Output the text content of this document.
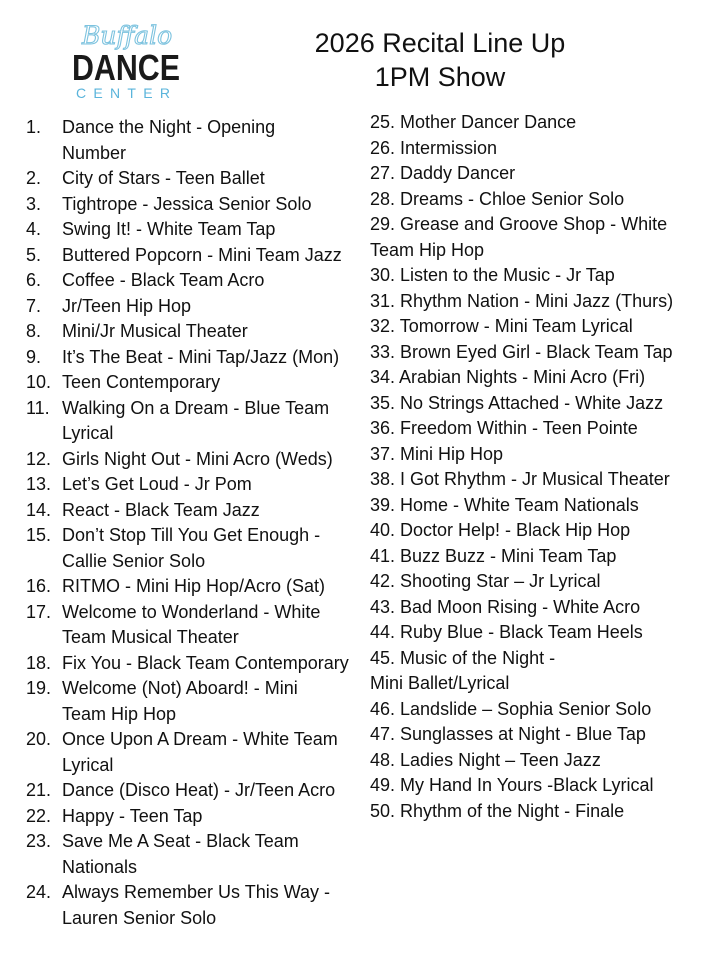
Buffalo
DANCE
CENTER
2026 Recital Line Up
1PM Show
1.	Dance the Night - Opening
Number
2.	City of Stars - Teen Ballet
3.	Tightrope - Jessica Senior Solo
4.	Swing It! - White Team Tap
5.	Buttered Popcorn - Mini Team Jazz
6.	Coffee - Black Team Acro
7.	Jr/Teen Hip Hop
8.	Mini/Jr Musical Theater
9.	It’s The Beat - Mini Tap/Jazz (Mon)
10. Teen Contemporary
11. Walking On a Dream - Blue Team
Lyrical
12. Girls Night Out - Mini Acro (Weds)
13. Let’s Get Loud - Jr Pom
14. React - Black Team Jazz
15. Don’t Stop Till You Get Enough -
Callie Senior Solo
16. RITMO - Mini Hip Hop/Acro (Sat)
17. Welcome to Wonderland - White
Team Musical Theater
18. Fix You - Black Team Contemporary
19. Welcome (Not) Aboard! - Mini
Team Hip Hop
20. Once Upon A Dream - White Team
Lyrical
21. Dance (Disco Heat) - Jr/Teen Acro
22. Happy - Teen Tap
23. Save Me A Seat - Black Team
Nationals
24. Always Remember Us This Way -
Lauren Senior Solo
25. Mother Dancer Dance
26. Intermission
27. Daddy Dancer
28. Dreams - Chloe Senior Solo
29. Grease and Groove Shop - White
Team Hip Hop
30. Listen to the Music - Jr Tap
31. Rhythm Nation - Mini Jazz (Thurs)
32. Tomorrow - Mini Team Lyrical
33. Brown Eyed Girl - Black Team Tap
34. Arabian Nights - Mini Acro (Fri)
35. No Strings Attached - White Jazz
36. Freedom Within - Teen Pointe
37. Mini Hip Hop
38. I Got Rhythm - Jr Musical Theater
39. Home - White Team Nationals
40. Doctor Help! - Black Hip Hop
41. Buzz Buzz - Mini Team Tap
42. Shooting Star – Jr Lyrical
43. Bad Moon Rising - White Acro
44. Ruby Blue - Black Team Heels
45. Music of the Night -
Mini Ballet/Lyrical
46. Landslide – Sophia Senior Solo
47. Sunglasses at Night - Blue Tap
48. Ladies Night – Teen Jazz
49. My Hand In Yours -Black Lyrical
50. Rhythm of the Night - Finale
